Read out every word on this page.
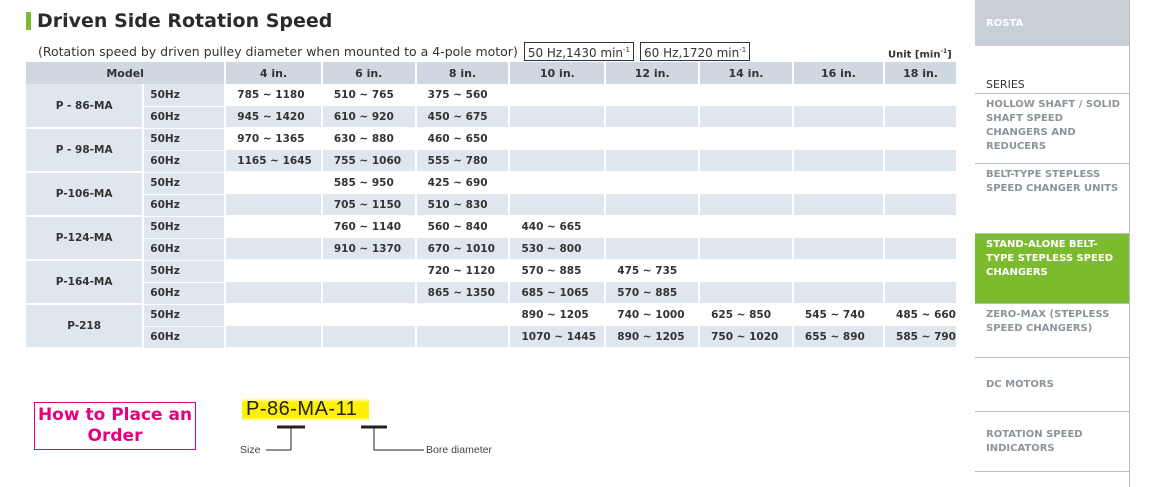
Driven Side Rotation Speed
(Rotation speed by driven pulley diameter when mounted to a 4-pole motor) 50 Hz,1430 $\min^{-1}$	60 Hz,1720 $\min^{-1}$	Unit $[\min^{-1}]$
Model		4 in.	6 in.	8 in.	10 in.	12 in.	14 in.	16 in.	18 in.
P - 86-MA	50Hz	785 ~ 1180	510 ~ 765	375 ~ 560					
	60Hz	945 ~ 1420	610 ~ 920	450 ~ 675					
P - 98-MA	50Hz	970 ~ 1365	630 ~ 880	460 ~ 650					
	60Hz	1165 ~ 1645	755 ~ 1060	555 ~ 780					
P-106-MA	50Hz		585 ~ 950	425 ~ 690					
	60Hz		705 ~ 1150	510 ~ 830					
P-124-MA	50Hz		760 ~ 1140	560 ~ 840	440 ~ 665				
	60Hz		910 ~ 1370	670 ~ 1010	530 ~ 800				
P-164-MA	50Hz			720 ~ 1120	570 ~ 885	475 ~ 735			
	60Hz			865 ~ 1350	685 ~ 1065	570 ~ 885			
P-218	50Hz				890 ~ 1205	740 ~ 1000	625 ~ 850	545 ~ 740	485 ~ 660
	60Hz				1070 ~ 1445	890 ~ 1205	750 ~ 1020	655 ~ 890	585 ~ 790
How to Place an Order
P-86-MA-11
Size	Bore diameter
ROSTA
SERIES
HOLLOW SHAFT / SOLID SHAFT SPEED CHANGERS AND REDUCERS
BELT-TYPE STEPLESS SPEED CHANGER UNITS
STAND-ALONE BELT-TYPE STEPLESS SPEED CHANGERS
ZERO-MAX (STEPLESS SPEED CHANGERS)
DC MOTORS
ROTATION SPEED INDICATORS
